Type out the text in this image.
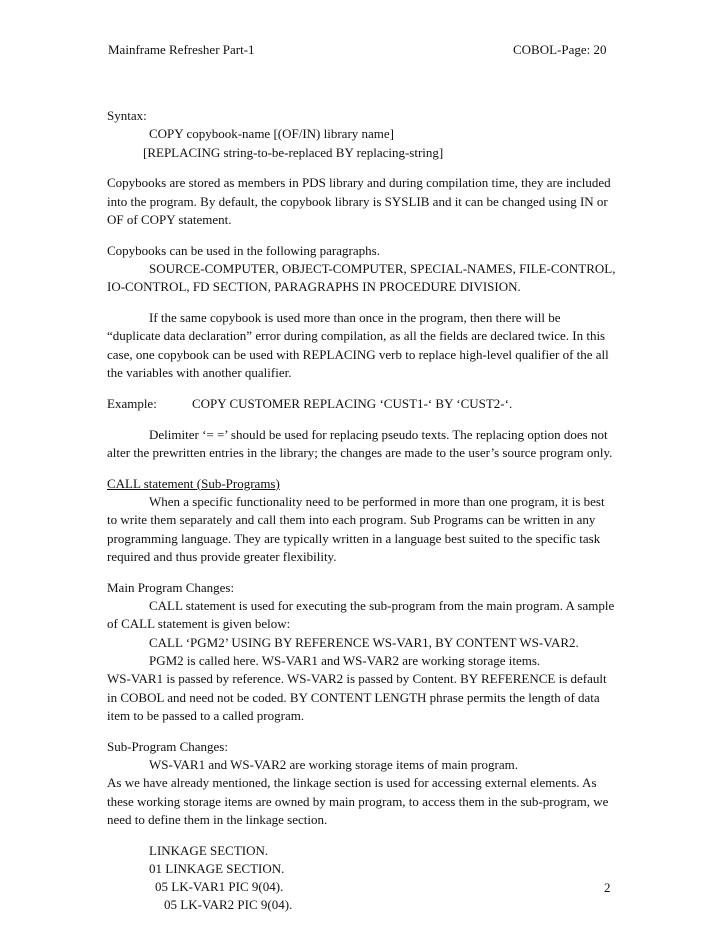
Mainframe Refresher Part-1	COBOL-Page: 20
Syntax:
COPY copybook-name [(OF/IN) library name]
[REPLACING string-to-be-replaced BY replacing-string]
Copybooks are stored as members in PDS library and during compilation time, they are included
into the program. By default, the copybook library is SYSLIB and it can be changed using IN or
OF of COPY statement.
Copybooks can be used in the following paragraphs.
SOURCE-COMPUTER, OBJECT-COMPUTER, SPECIAL-NAMES, FILE-CONTROL,
IO-CONTROL, FD SECTION, PARAGRAPHS IN PROCEDURE DIVISION.
If the same copybook is used more than once in the program, then there will be
“duplicate data declaration” error during compilation, as all the fields are declared twice. In this
case, one copybook can be used with REPLACING verb to replace high-level qualifier of the all
the variables with another qualifier.
Example:	COPY CUSTOMER REPLACING ‘CUST1-‘ BY ‘CUST2-‘.
Delimiter ‘= =’ should be used for replacing pseudo texts. The replacing option does not
alter the prewritten entries in the library; the changes are made to the user’s source program only.
CALL statement (Sub-Programs)
When a specific functionality need to be performed in more than one program, it is best
to write them separately and call them into each program. Sub Programs can be written in any
programming language. They are typically written in a language best suited to the specific task
required and thus provide greater flexibility.
Main Program Changes:
CALL statement is used for executing the sub-program from the main program. A sample
of CALL statement is given below:
CALL ‘PGM2’ USING BY REFERENCE WS-VAR1, BY CONTENT WS-VAR2.
PGM2 is called here. WS-VAR1 and WS-VAR2 are working storage items.
WS-VAR1 is passed by reference. WS-VAR2 is passed by Content. BY REFERENCE is default
in COBOL and need not be coded. BY CONTENT LENGTH phrase permits the length of data
item to be passed to a called program.
Sub-Program Changes:
WS-VAR1 and WS-VAR2 are working storage items of main program.
As we have already mentioned, the linkage section is used for accessing external elements. As
these working storage items are owned by main program, to access them in the sub-program, we
need to define them in the linkage section.
LINKAGE SECTION.
01 LINKAGE SECTION.
05 LK-VAR1 PIC 9(04).
05 LK-VAR2 PIC 9(04).
2
